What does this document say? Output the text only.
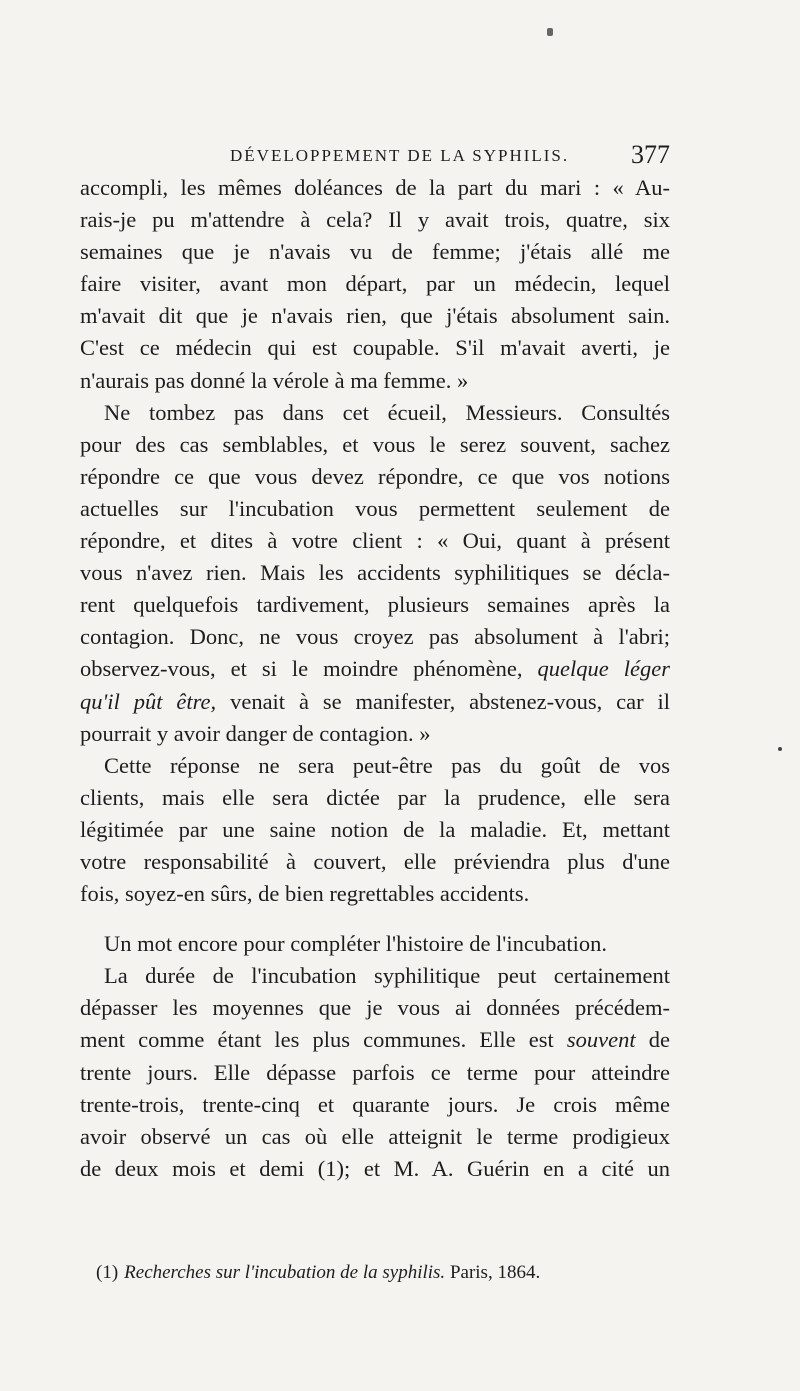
DÉVELOPPEMENT DE LA SYPHILIS. 377

accompli, les mêmes doléances de la part du mari : « Au-
rais-je pu m'attendre à cela? Il y avait trois, quatre, six
semaines que je n'avais vu de femme; j'étais allé me
faire visiter, avant mon départ, par un médecin, lequel
m'avait dit que je n'avais rien, que j'étais absolument sain.
C'est ce médecin qui est coupable. S'il m'avait averti, je
n'aurais pas donné la vérole à ma femme. »

Ne tombez pas dans cet écueil, Messieurs. Consultés
pour des cas semblables, et vous le serez souvent, sachez
répondre ce que vous devez répondre, ce que vos notions
actuelles sur l'incubation vous permettent seulement de
répondre, et dites à votre client : « Oui, quant à présent
vous n'avez rien. Mais les accidents syphilitiques se décla-
rent quelquefois tardivement, plusieurs semaines après la
contagion. Donc, ne vous croyez pas absolument à l'abri;
observez-vous, et si le moindre phénomène, quelque léger
qu'il pût être, venait à se manifester, abstenez-vous, car il
pourrait y avoir danger de contagion. »

Cette réponse ne sera peut-être pas du goût de vos
clients, mais elle sera dictée par la prudence, elle sera
légitimée par une saine notion de la maladie. Et, mettant
votre responsabilité à couvert, elle préviendra plus d'une
fois, soyez-en sûrs, de bien regrettables accidents.

Un mot encore pour compléter l'histoire de l'incubation.

La durée de l'incubation syphilitique peut certainement
dépasser les moyennes que je vous ai données précédem-
ment comme étant les plus communes. Elle est souvent de
trente jours. Elle dépasse parfois ce terme pour atteindre
trente-trois, trente-cinq et quarante jours. Je crois même
avoir observé un cas où elle atteignit le terme prodigieux
de deux mois et demi (1); et M. A. Guérin en a cité un

(1) Recherches sur l'incubation de la syphilis. Paris, 1864.
